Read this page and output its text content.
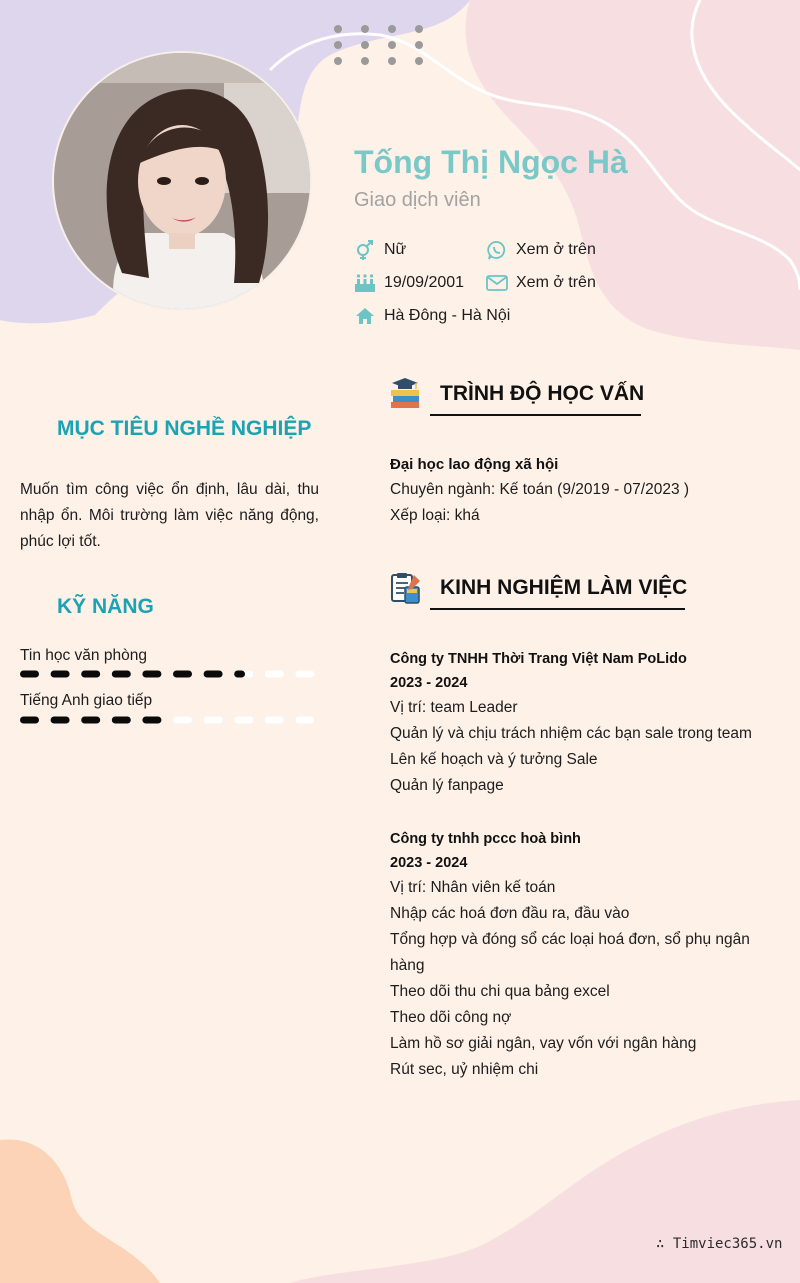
Tống Thị Ngọc Hà
Giao dịch viên
Nữ	Xem ở trên
19/09/2001	Xem ở trên
Hà Đông - Hà Nội
MỤC TIÊU NGHỀ NGHIỆP

Muốn tìm công việc ổn định, lâu dài, thu nhập ổn. Môi trường làm việc năng động, phúc lợi tốt.

KỸ NĂNG
Tin học văn phòng
Tiếng Anh giao tiếp
TRÌNH ĐỘ HỌC VẤN
Đại học lao động xã hội
Chuyên ngành: Kế toán (9/2019 - 07/2023 )
Xếp loại: khá
KINH NGHIỆM LÀM VIỆC
Công ty TNHH Thời Trang Việt Nam PoLido
2023 - 2024
Vị trí: team Leader
Quản lý và chịu trách nhiệm các bạn sale trong team
Lên kế hoạch và ý tưởng Sale
Quản lý fanpage
Công ty tnhh pccc hoà bình
2023 - 2024
Vị trí: Nhân viên kế toán
Nhập các hoá đơn đầu ra, đầu vào
Tổng hợp và đóng sổ các loại hoá đơn, sổ phụ ngân
hàng
Theo dõi thu chi qua bảng excel
Theo dõi công nợ
Làm hồ sơ giải ngân, vay vốn với ngân hàng
Rút sec, uỷ nhiệm chi
∴ Timviec365.vn
